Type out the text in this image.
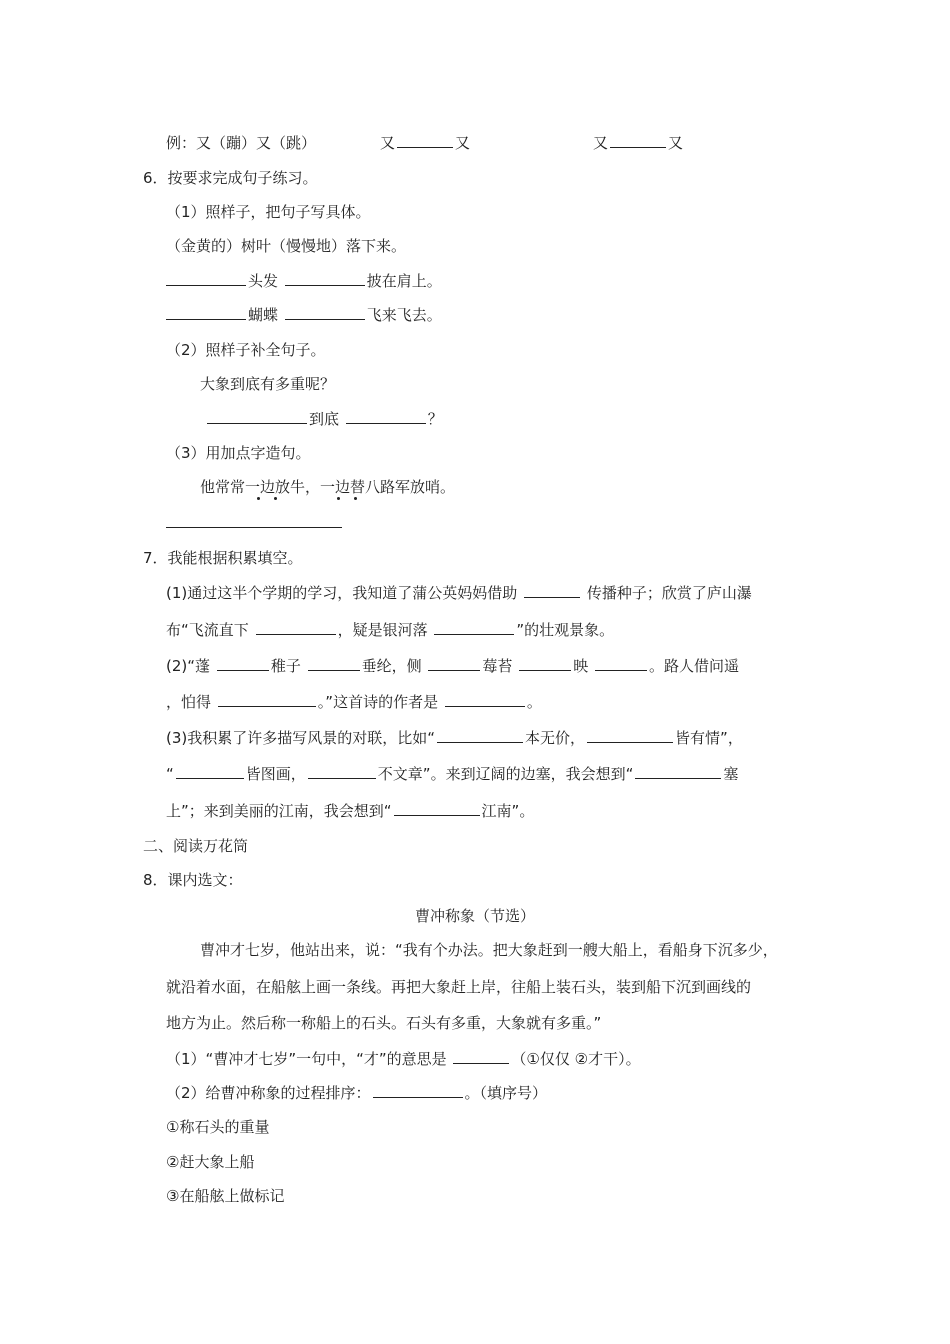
例：又（蹦）又（跳）	又	又	又	又
6．按要求完成句子练习。
（1）照样子，把句子写具体。
（金黄的）树叶（慢慢地）落下来。
头发	披在肩上。
蝴蝶	飞来飞去。
（2）照样子补全句子。
大象到底有多重呢？
到底	？
（3）用加点字造句。
他常常一边放牛，一边替八路军放哨。
7．我能根据积累填空。
(1)通过这半个学期的学习，我知道了蒲公英妈妈借助	传播种子；欣赏了庐山瀑
布“飞流直下	，疑是银河落	”的壮观景象。
(2)“蓬	稚子	垂纶，侧	莓苔	映	。路人借问遥
，怕得	。”这首诗的作者是	。
(3)我积累了许多描写风景的对联，比如“	本无价，	皆有情”，
“	皆图画，	不文章”。来到辽阔的边塞，我会想到“	塞
上”；来到美丽的江南，我会想到“	江南”。
二、阅读万花筒
8．课内选文：
曹冲称象（节选）
曹冲才七岁，他站出来，说：“我有个办法。把大象赶到一艘大船上，看船身下沉多少，
就沿着水面，在船舷上画一条线。再把大象赶上岸，往船上装石头，装到船下沉到画线的
地方为止。然后称一称船上的石头。石头有多重，大象就有多重。”
（1）“曹冲才七岁”一句中，“才”的意思是	（①仅仅 ②才干）。
（2）给曹冲称象的过程排序：	。（填序号）
①称石头的重量
②赶大象上船
③在船舷上做标记
